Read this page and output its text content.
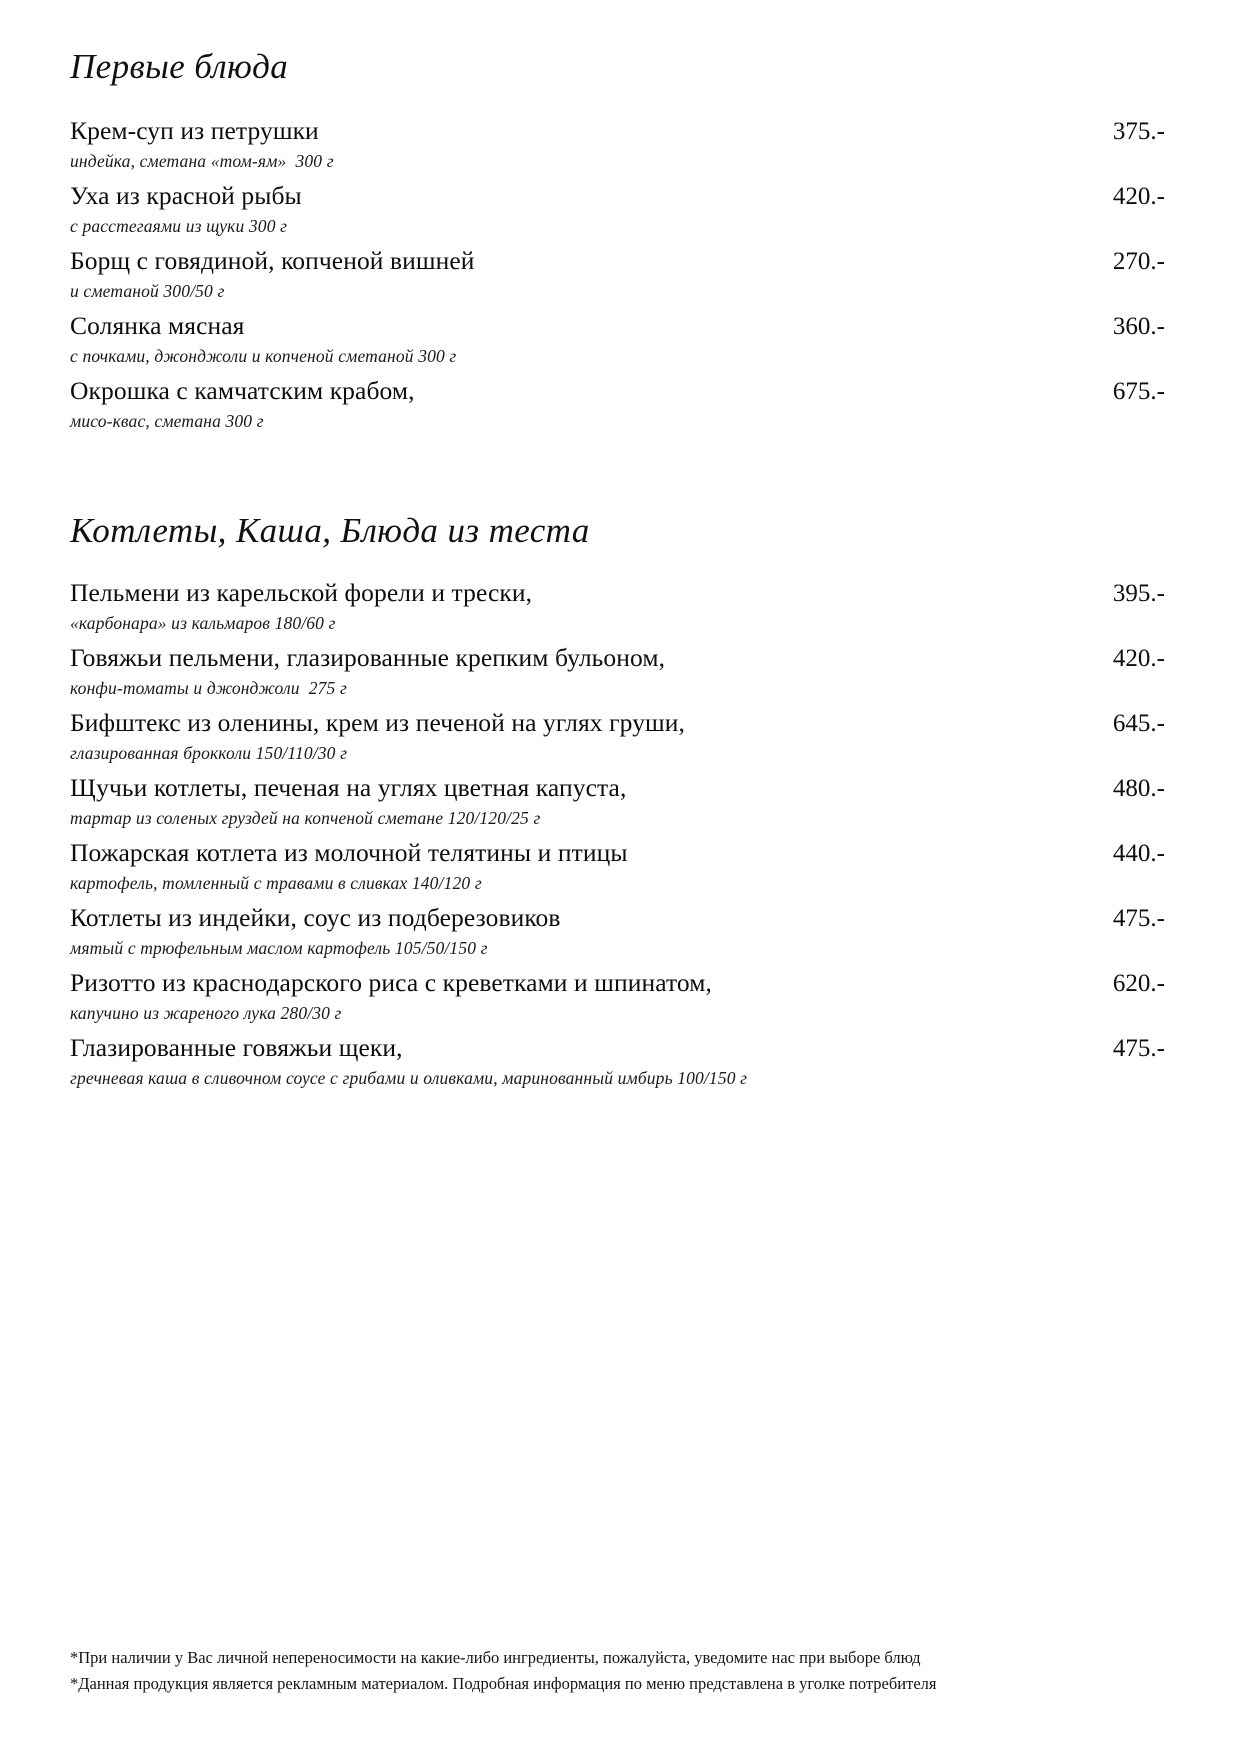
Первые блюда
Крем-суп из петрушки	375.-
индейка, сметана «том-ям»  300 г
Уха из красной рыбы	420.-
с расстегаями из щуки 300 г
Борщ с говядиной, копченой вишней	270.-
и сметаной 300/50 г
Солянка мясная	360.-
с почками, джонджоли и копченой сметаной 300 г
Окрошка с камчатским крабом,	675.-
мисо-квас, сметана 300 г
Котлеты, Каша, Блюда из теста
Пельмени из карельской форели и трески,	395.-
«карбонара» из кальмаров 180/60 г
Говяжьи пельмени, глазированные крепким бульоном,	420.-
конфи-томаты и джонджоли  275 г
Бифштекс из оленины, крем из печеной на углях груши,	645.-
глазированная брокколи 150/110/30 г
Щучьи котлеты, печеная на углях цветная капуста,	480.-
тартар из соленых груздей на копченой сметане 120/120/25 г
Пожарская котлета из молочной телятины и птицы	440.-
картофель, томленный с травами в сливках 140/120 г
Котлеты из индейки, соус из подберезовиков	475.-
мятый с трюфельным маслом картофель 105/50/150 г
Ризотто из краснодарского риса с креветками и шпинатом,	620.-
капучино из жареного лука 280/30 г
Глазированные говяжьи щеки,	475.-
гречневая каша в сливочном соусе с грибами и оливками, маринованный имбирь 100/150 г
*При наличии у Вас личной непереносимости на какие-либо ингредиенты, пожалуйста, уведомите нас при выборе блюд
*Данная продукция является рекламным материалом. Подробная информация по меню представлена в уголке потребителя
